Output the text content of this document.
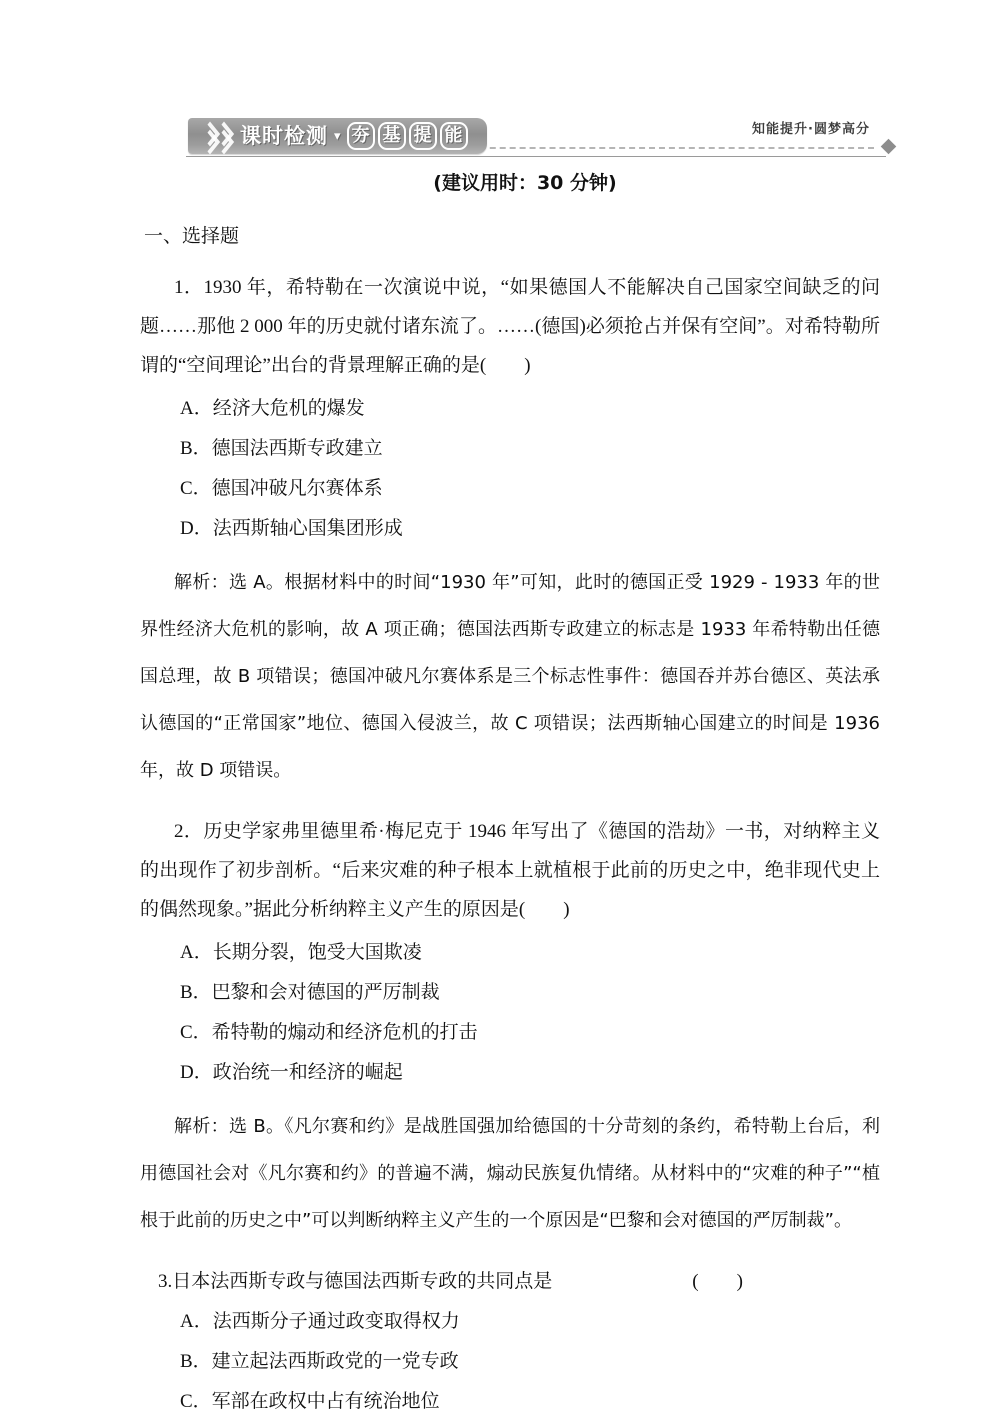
课时检测 ▾ 夯 基 提 能	知能提升·圆梦高分

(建议用时：30 分钟)

一、选择题

1．1930 年，希特勒在一次演说中说，“如果德国人不能解决自己国家空间缺乏的问题……那他 2 000 年的历史就付诸东流了。……(德国)必须抢占并保有空间”。对希特勒所谓的“空间理论”出台的背景理解正确的是(　　)

A．经济大危机的爆发

B．德国法西斯专政建立

C．德国冲破凡尔赛体系

D．法西斯轴心国集团形成

解析：选 A。根据材料中的时间“1930 年”可知，此时的德国正受 1929 - 1933 年的世界性经济大危机的影响，故 A 项正确；德国法西斯专政建立的标志是 1933 年希特勒出任德国总理，故 B 项错误；德国冲破凡尔赛体系是三个标志性事件：德国吞并苏台德区、英法承认德国的“正常国家”地位、德国入侵波兰，故 C 项错误；法西斯轴心国建立的时间是 1936 年，故 D 项错误。

2．历史学家弗里德里希·梅尼克于 1946 年写出了《德国的浩劫》一书，对纳粹主义的出现作了初步剖析。“后来灾难的种子根本上就植根于此前的历史之中，绝非现代史上的偶然现象。”据此分析纳粹主义产生的原因是(　　)

A．长期分裂，饱受大国欺凌

B．巴黎和会对德国的严厉制裁

C．希特勒的煽动和经济危机的打击

D．政治统一和经济的崛起

解析：选 B。《凡尔赛和约》是战胜国强加给德国的十分苛刻的条约，希特勒上台后，利用德国社会对《凡尔赛和约》的普遍不满，煽动民族复仇情绪。从材料中的“灾难的种子”“植根于此前的历史之中”可以判断纳粹主义产生的一个原因是“巴黎和会对德国的严厉制裁”。

3.日本法西斯专政与德国法西斯专政的共同点是	(　　)

A．法西斯分子通过政变取得权力

B．建立起法西斯政党的一党专政

C．军部在政权中占有统治地位
